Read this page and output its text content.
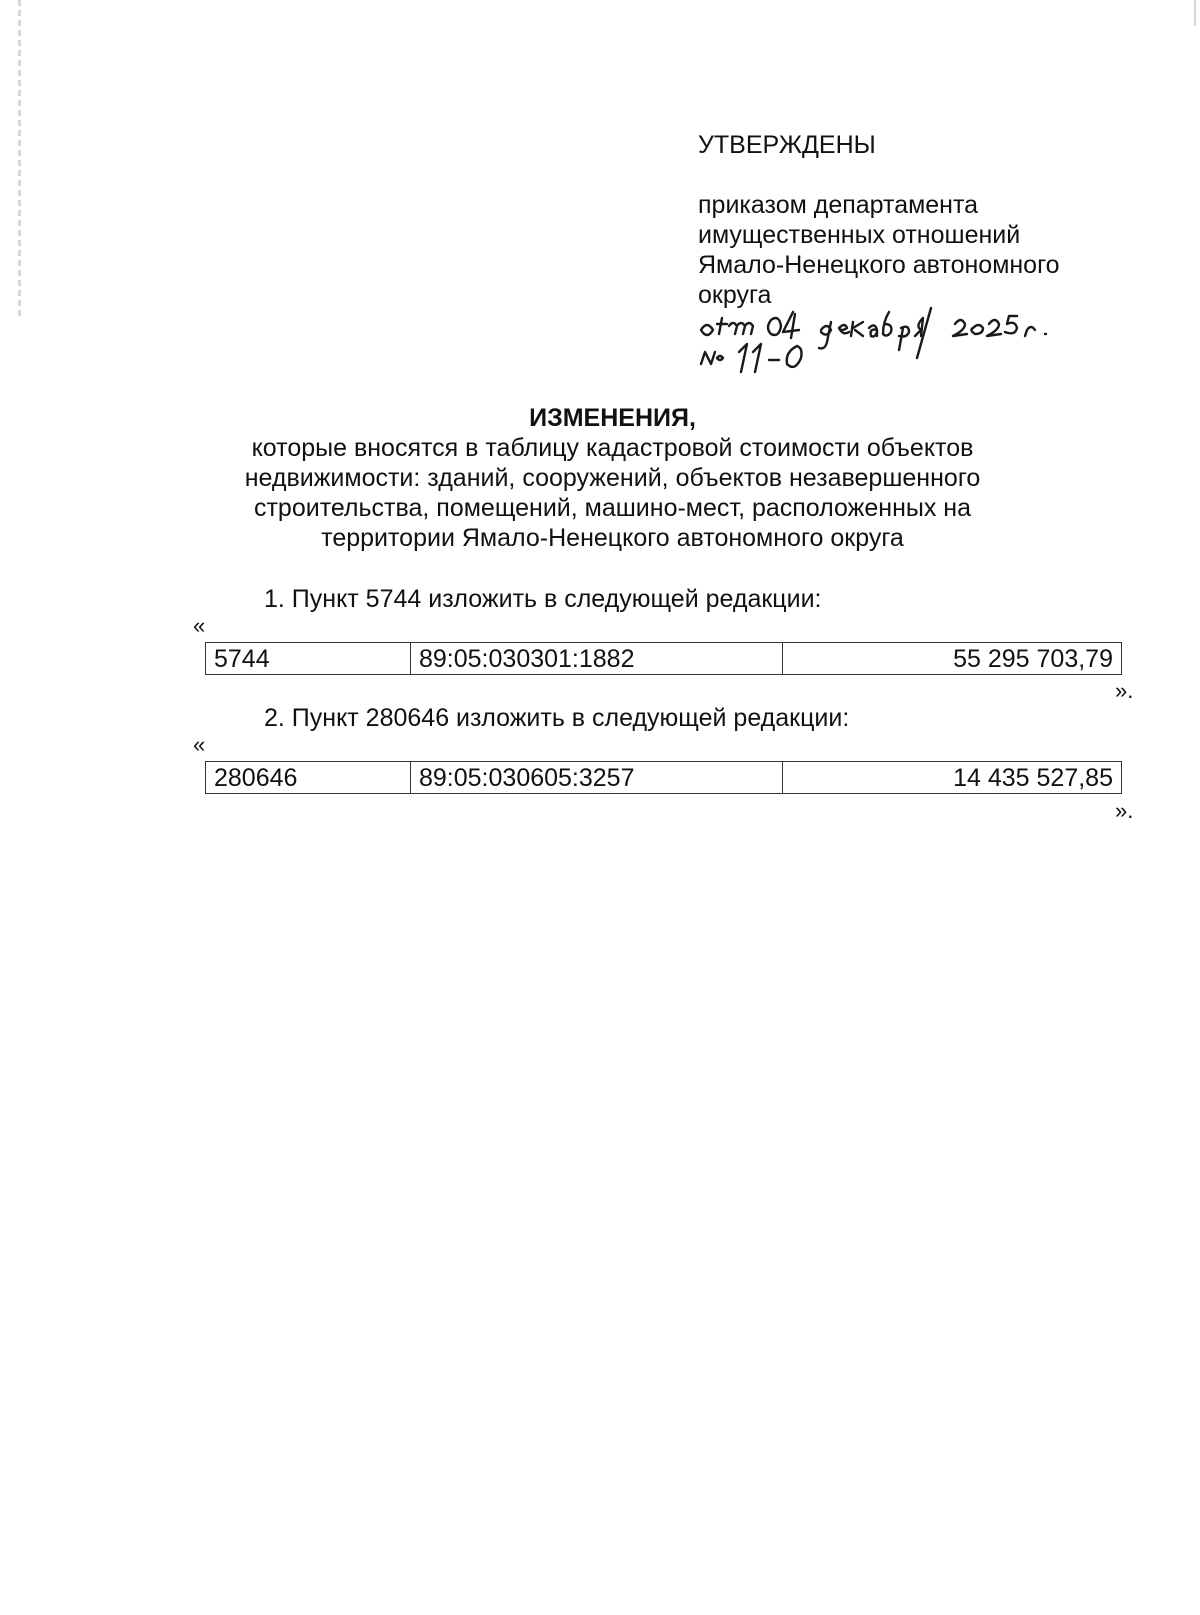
УТВЕРЖДЕНЫ
приказом департамента
имущественных отношений
Ямало-Ненецкого автономного
округа
ИЗМЕНЕНИЯ,
которые вносятся в таблицу кадастровой стоимости объектов
недвижимости: зданий, сооружений, объектов незавершенного
строительства, помещений, машино-мест, расположенных на
территории Ямало-Ненецкого автономного округа
1. Пункт 5744 изложить в следующей редакции:
«
5744	89:05:030301:1882	55 295 703,79
».
2. Пункт 280646 изложить в следующей редакции:
«
280646	89:05:030605:3257	14 435 527,85
».
